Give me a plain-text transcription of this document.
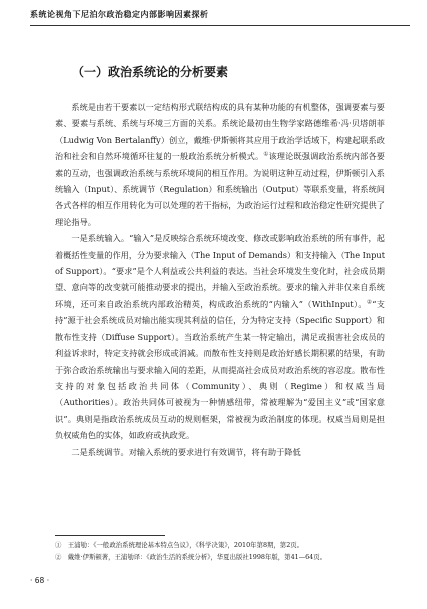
系统论视角下尼泊尔政治稳定内部影响因素探析
（一）政治系统论的分析要素

系统是由若干要素以一定结构形式联结构成的具有某种功能的有机整体，强调要素与要素、要素与系统、系统与环境三方面的关系。系统论最初由生物学家路德维希·冯·贝塔朗菲（Ludwig Von Bertalanffy）创立，戴维·伊斯顿将其应用于政治学话域下，构建起联系政治和社会和自然环境循环往复的一般政治系统分析模式。①该理论既强调政治系统内部各要素的互动，也强调政治系统与系统环境间的相互作用。为说明这种互动过程，伊斯顿引入系统输入（Input）、系统调节（Regulation）和系统输出（Output）等联系变量，将系统间各式各样的相互作用转化为可以处理的若干指标，为政治运行过程和政治稳定性研究提供了理论指导。

一是系统输入。“输入”是反映综合系统环境改变、修改或影响政治系统的所有事件，起着概括性变量的作用，分为要求输入（The Input of Demands）和支持输入（The Input of Support）。“要求”是个人利益或公共利益的表达。当社会环境发生变化时，社会成员期望、意向等的改变就可能推动要求的提出，并输入至政治系统。要求的输入并非仅来自系统环境，还可来自政治系统内部政治精英，构成政治系统的“内输入”（WithInput）。②“支持”源于社会系统成员对输出能实现其利益的信任，分为特定支持（Specific Support）和散布性支持（Diffuse Support）。当政治系统产生某一特定输出，满足或损害社会成员的利益诉求时，特定支持就会形成或消减。而散布性支持则是政治好感长期积累的结果，有助于弥合政治系统输出与要求输入间的差距，从而提高社会成员对政治系统的容忍度。散布性支持的对象包括政治共同体（Community）、典则（Regime）和权威当局（Authorities）。政治共同体可被视为一种情感纽带，常被理解为“爱国主义”或“国家意识”。典则是指政治系统成员互动的规则框架，常被视为政治制度的体现。权威当局则是担负权威角色的实体，如政府或执政党。

二是系统调节。对输入系统的要求进行有效调节，将有助于降低

①　王浦劬：《一般政治系统理论基本特点刍议》，《科学决策》，2010年第8期，第2页。
②　戴维·伊斯顿著，王浦劬译：《政治生活的系统分析》，华夏出版社1998年版，第41—64页。
· 68 ·
